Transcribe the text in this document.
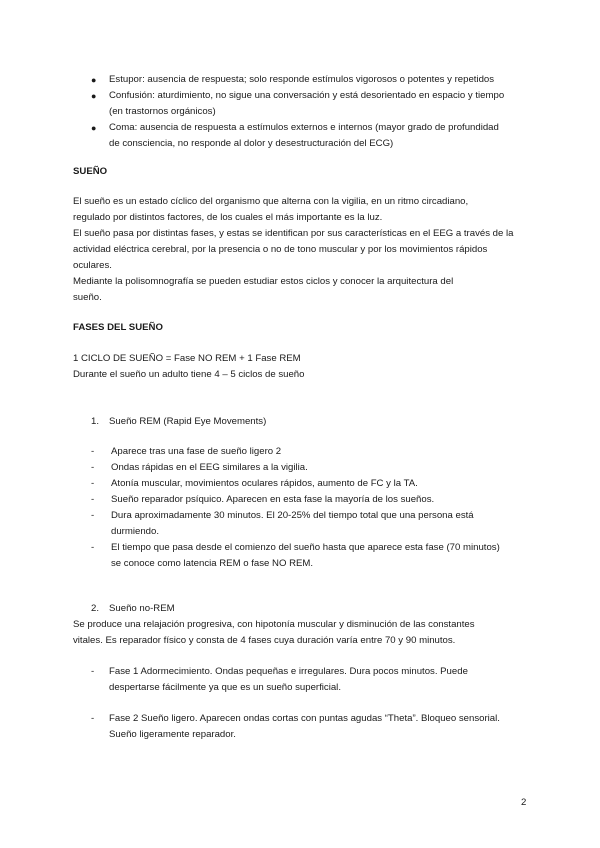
● Estupor: ausencia de respuesta; solo responde estímulos vigorosos o potentes y repetidos
● Confusión: aturdimiento, no sigue una conversación y está desorientado en espacio y tiempo
(en trastornos orgánicos)
● Coma: ausencia de respuesta a estímulos externos e internos (mayor grado de profundidad
de consciencia, no responde al dolor y desestructuración del ECG)
SUEÑO
El sueño es un estado cíclico del organismo que alterna con la vigilia, en un ritmo circadiano,
regulado por distintos factores, de los cuales el más importante es la luz.
El sueño pasa por distintas fases, y estas se identifican por sus características en el EEG a través de la
actividad eléctrica cerebral, por la presencia o no de tono muscular y por los movimientos rápidos
oculares.
Mediante la polisomnografía se pueden estudiar estos ciclos y conocer la arquitectura del
sueño.
FASES DEL SUEÑO
1 CICLO DE SUEÑO = Fase NO REM + 1 Fase REM
Durante el sueño un adulto tiene 4 – 5 ciclos de sueño
1. Sueño REM (Rapid Eye Movements)
- Aparece tras una fase de sueño ligero 2
- Ondas rápidas en el EEG similares a la vigilia.
- Atonía muscular, movimientos oculares rápidos, aumento de FC y la TA.
- Sueño reparador psíquico. Aparecen en esta fase la mayoría de los sueños.
- Dura aproximadamente 30 minutos. El 20-25% del tiempo total que una persona está
durmiendo.
- El tiempo que pasa desde el comienzo del sueño hasta que aparece esta fase (70 minutos)
se conoce como latencia REM o fase NO REM.
2. Sueño no-REM
Se produce una relajación progresiva, con hipotonía muscular y disminución de las constantes
vitales. Es reparador físico y consta de 4 fases cuya duración varía entre 70 y 90 minutos.
- Fase 1 Adormecimiento. Ondas pequeñas e irregulares. Dura pocos minutos. Puede
despertarse fácilmente ya que es un sueño superficial.
- Fase 2 Sueño ligero. Aparecen ondas cortas con puntas agudas “Theta”. Bloqueo sensorial.
Sueño ligeramente reparador.
2
